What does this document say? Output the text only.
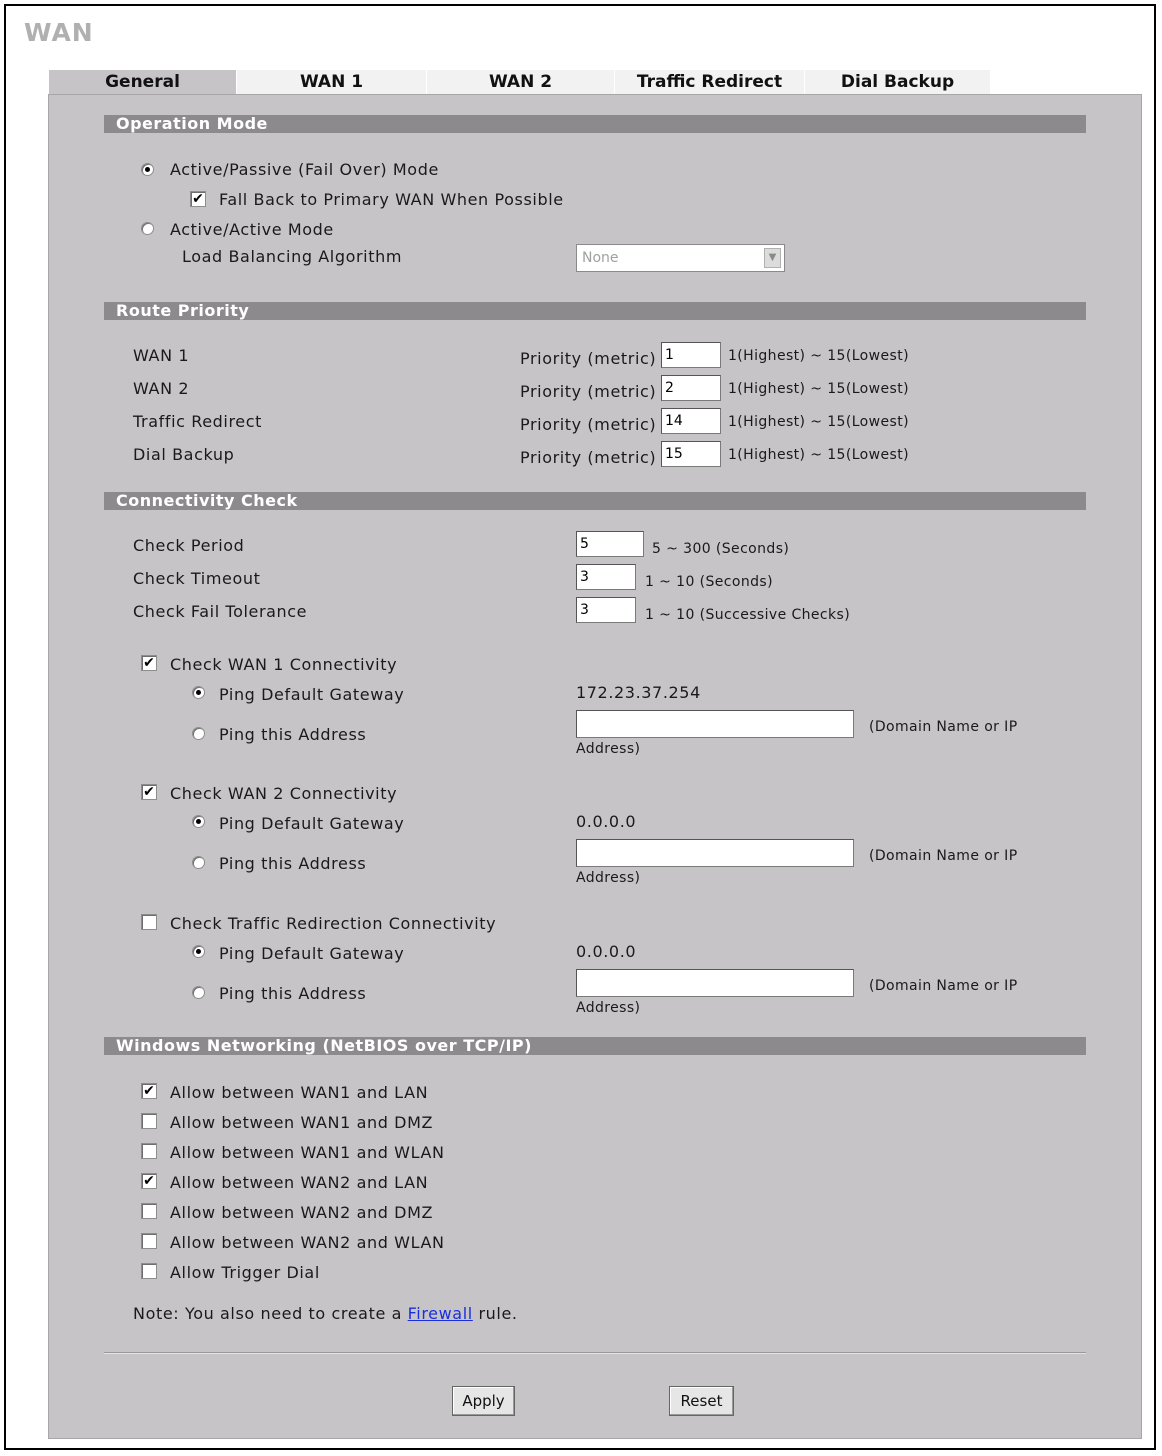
WAN
General	WAN 1	WAN 2	Traffic Redirect	Dial Backup
Operation Mode
Active/Passive (Fail Over) Mode
✔ Fall Back to Primary WAN When Possible
Active/Active Mode
Load Balancing Algorithm	None	▼
Route Priority
WAN 1	Priority (metric) 1	1(Highest) ~ 15(Lowest)
WAN 2	Priority (metric) 2	1(Highest) ~ 15(Lowest)
Traffic Redirect	Priority (metric) 14	1(Highest) ~ 15(Lowest)
Dial Backup	Priority (metric) 15	1(Highest) ~ 15(Lowest)
Connectivity Check
Check Period	5	5 ~ 300 (Seconds)
Check Timeout	3	1 ~ 10 (Seconds)
Check Fail Tolerance	3	1 ~ 10 (Successive Checks)
✔ Check WAN 1 Connectivity
Ping Default Gateway	172.23.37.254
Ping this Address	(Domain Name or IP
Address)
✔ Check WAN 2 Connectivity
Ping Default Gateway	0.0.0.0
Ping this Address	(Domain Name or IP
Address)
Check Traffic Redirection Connectivity
Ping Default Gateway	0.0.0.0
Ping this Address	(Domain Name or IP
Address)
Windows Networking (NetBIOS over TCP/IP)
✔ Allow between WAN1 and LAN
Allow between WAN1 and DMZ
Allow between WAN1 and WLAN
✔ Allow between WAN2 and LAN
Allow between WAN2 and DMZ
Allow between WAN2 and WLAN
Allow Trigger Dial
Note: You also need to create a Firewall rule.
Apply	Reset
